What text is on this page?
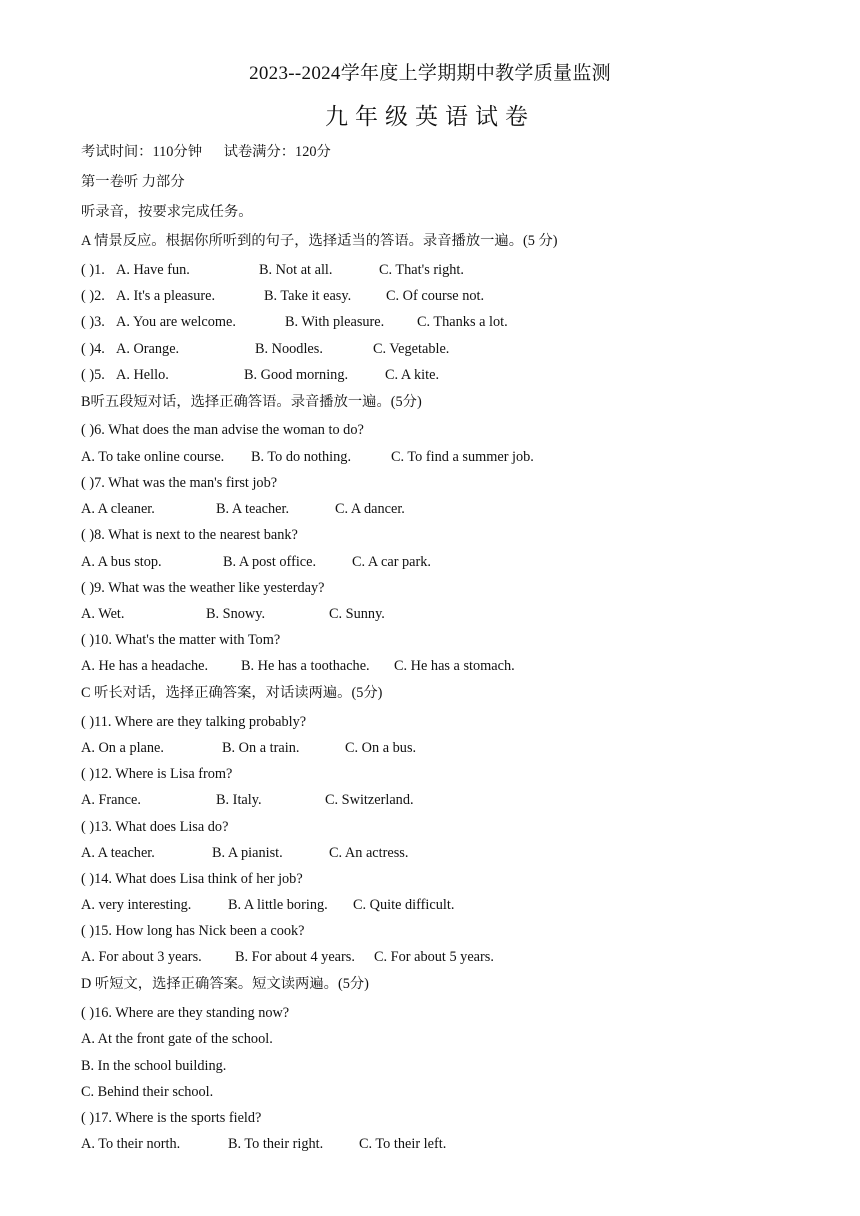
2023--2024学年度上学期期中教学质量监测
九年级英语试卷
考试时间：110分钟 试卷满分：120分
第一卷听 力部分
听录音，按要求完成任务。
A 情景反应。根据你所听到的句子，选择适当的答语。录音播放一遍。(5 分)
( )1. A. Have fun.	B. Not at all.	C. That's right.
( )2. A. It's a pleasure.	B. Take it easy. C. Of course not.
( )3. A. You are welcome.	B. With pleasure. C. Thanks a lot.
( )4. A. Orange.	B. Noodles.	C. Vegetable.
( )5. A. Hello.	B. Good morning.	C. A kite.
B听五段短对话，选择正确答语。录音播放一遍。(5分)
( )6. What does the man advise the woman to do?
A. To take online course. B. To do nothing.	C. To find a summer job.
( )7. What was the man's first job?
A. A cleaner.	B. A teacher.	C. A dancer.
( )8. What is next to the nearest bank?
A. A bus stop.	B. A post office.	C. A car park.
( )9. What was the weather like yesterday?
A. Wet.	B. Snowy.	C. Sunny.
( )10. What's the matter with Tom?
A. He has a headache. B. He has a toothache. C. He has a stomach.
C 听长对话，选择正确答案，对话读两遍。(5分)
( )11. Where are they talking probably?
A. On a plane.	B. On a train.	C. On a bus.
( )12. Where is Lisa from?
A. France.	B. Italy.	C. Switzerland.
( )13. What does Lisa do?
A. A teacher.	B. A pianist.	C. An actress.
( )14. What does Lisa think of her job?
A. very interesting.	B. A little boring. C. Quite difficult.
( )15. How long has Nick been a cook?
A. For about 3 years. B. For about 4 years. C. For about 5 years.
D 听短文，选择正确答案。短文读两遍。(5分)
( )16. Where are they standing now?
A. At the front gate of the school.
B. In the school building.
C. Behind their school.
( )17. Where is the sports field?
A. To their north.	B. To their right.	C. To their left.
